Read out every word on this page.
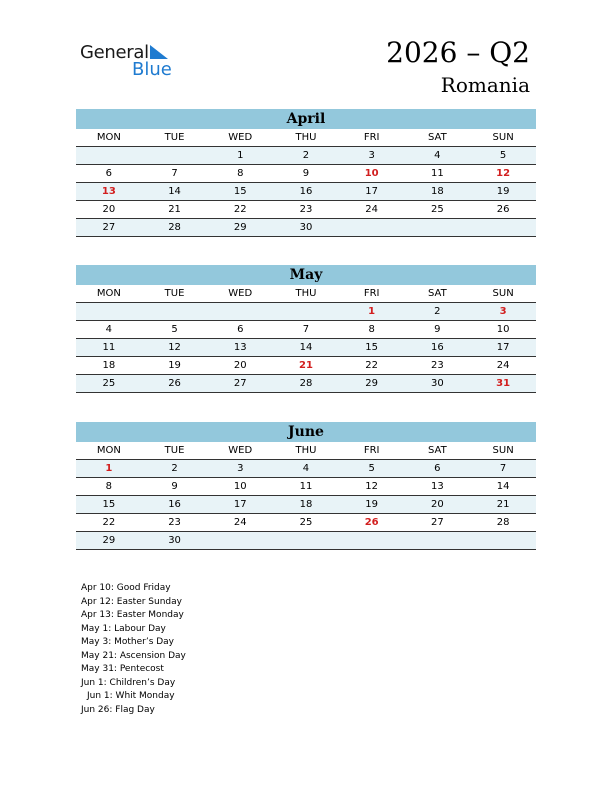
General
Blue
2026 – Q2
Romania
April
MON	TUE	WED	THU	FRI	SAT	SUN
		1	2	3	4	5
6	7	8	9	10	11	12
13	14	15	16	17	18	19
20	21	22	23	24	25	26
27	28	29	30			
May
MON	TUE	WED	THU	FRI	SAT	SUN
				1	2	3
4	5	6	7	8	9	10
11	12	13	14	15	16	17
18	19	20	21	22	23	24
25	26	27	28	29	30	31
June
MON	TUE	WED	THU	FRI	SAT	SUN
1	2	3	4	5	6	7
8	9	10	11	12	13	14
15	16	17	18	19	20	21
22	23	24	25	26	27	28
29	30					
Apr 10: Good Friday
Apr 12: Easter Sunday
Apr 13: Easter Monday
May 1: Labour Day
May 3: Mother’s Day
May 21: Ascension Day
May 31: Pentecost
Jun 1: Children’s Day
Jun 1: Whit Monday
Jun 26: Flag Day
